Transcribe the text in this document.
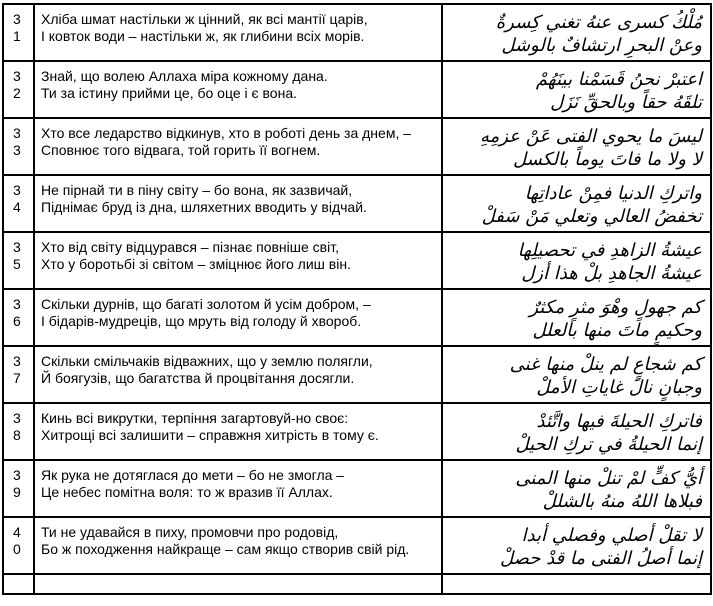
3
1	Хліба шмат настільки ж цінний, як всі мантії царів,
І ковток води – настільки ж, як глибини всіх морів.	مُلْكُ كسرى عنهُ تغني كِسرةٌ
وعنْ البحرِ ارتشافٌ بالوشل

3
2	Знай, що волею Аллаха міра кожному дана.
Ти за істину прийми це, бо оце і є вона.	اعتبرْ نحنُ قَسَمْنا بينَهُمْ
تلقَهُ حقاً وبالحقِّ نَزَل

3
3	Хто все ледарство відкинув, хто в роботі день за днем, –
Сповнює того відвага, той горить її вогнем.	ليسَ ما يحوي الفتى عَنْ عزمِهِ
لا ولا ما فاتَ يوماً بالكسل

3
4	Не пірнай ти в піну світу – бо вона, як зазвичай,
Піднімає бруд із дна, шляхетних вводить у відчай.	واتركِ الدنيا فمِنْ عاداتِها
تخفضُ العالي وتعلي مَنْ سَفلْ

3
5	Хто від світу відцурався – пізнає повніше світ,
Хто у боротьбі зі світом – зміцнює його лиш він.	عيشةُ الزاهدِ في تحصيلِها
عيشةُ الجاهدِ بلْ هذا أزل

3
6	Скільки дурнів, що багаті золотом й усім добром, –
І бідарів-мудреців, що мруть від голоду й хвороб.	كم جهولٍ وهْوَ مثرٍ مكثرٌ
وحكيمٍ ماتَ منها بالعلل

3
7	Скільки смільчаків відважних, що у землю полягли,
Й боягузів, що багатства й процвітання досягли.	كم شجاعٍ لم ينلْ منها غنى
وجبانٍ نالَ غاياتِ الأملْ

3
8	Кинь всі викрутки, терпіння загартовуй-но своє:
Хитрощі всі залишити – справжня хитрість в тому є.	فاتركِ الحيلةَ فيها واتَّئدْ
إنما الحيلةُ في تركِ الحيلْ

3
9	Як рука не дотяглася до мети – бо не змогла –
Це небес помітна воля: то ж вразив її Аллах.	أيُّ كفٍّ لمْ تنلْ منها المنى
فبلاها اللهُ منهُ بالشللْ

4
0	Ти не удавайся в пиху, промовчи про родовід,
Бо ж походження найкраще – сам якщо створив свій рід.	لا تقلْ أصلي وفصلي أبدا
إنما أصلُ الفتى ما قدْ حصلْ
